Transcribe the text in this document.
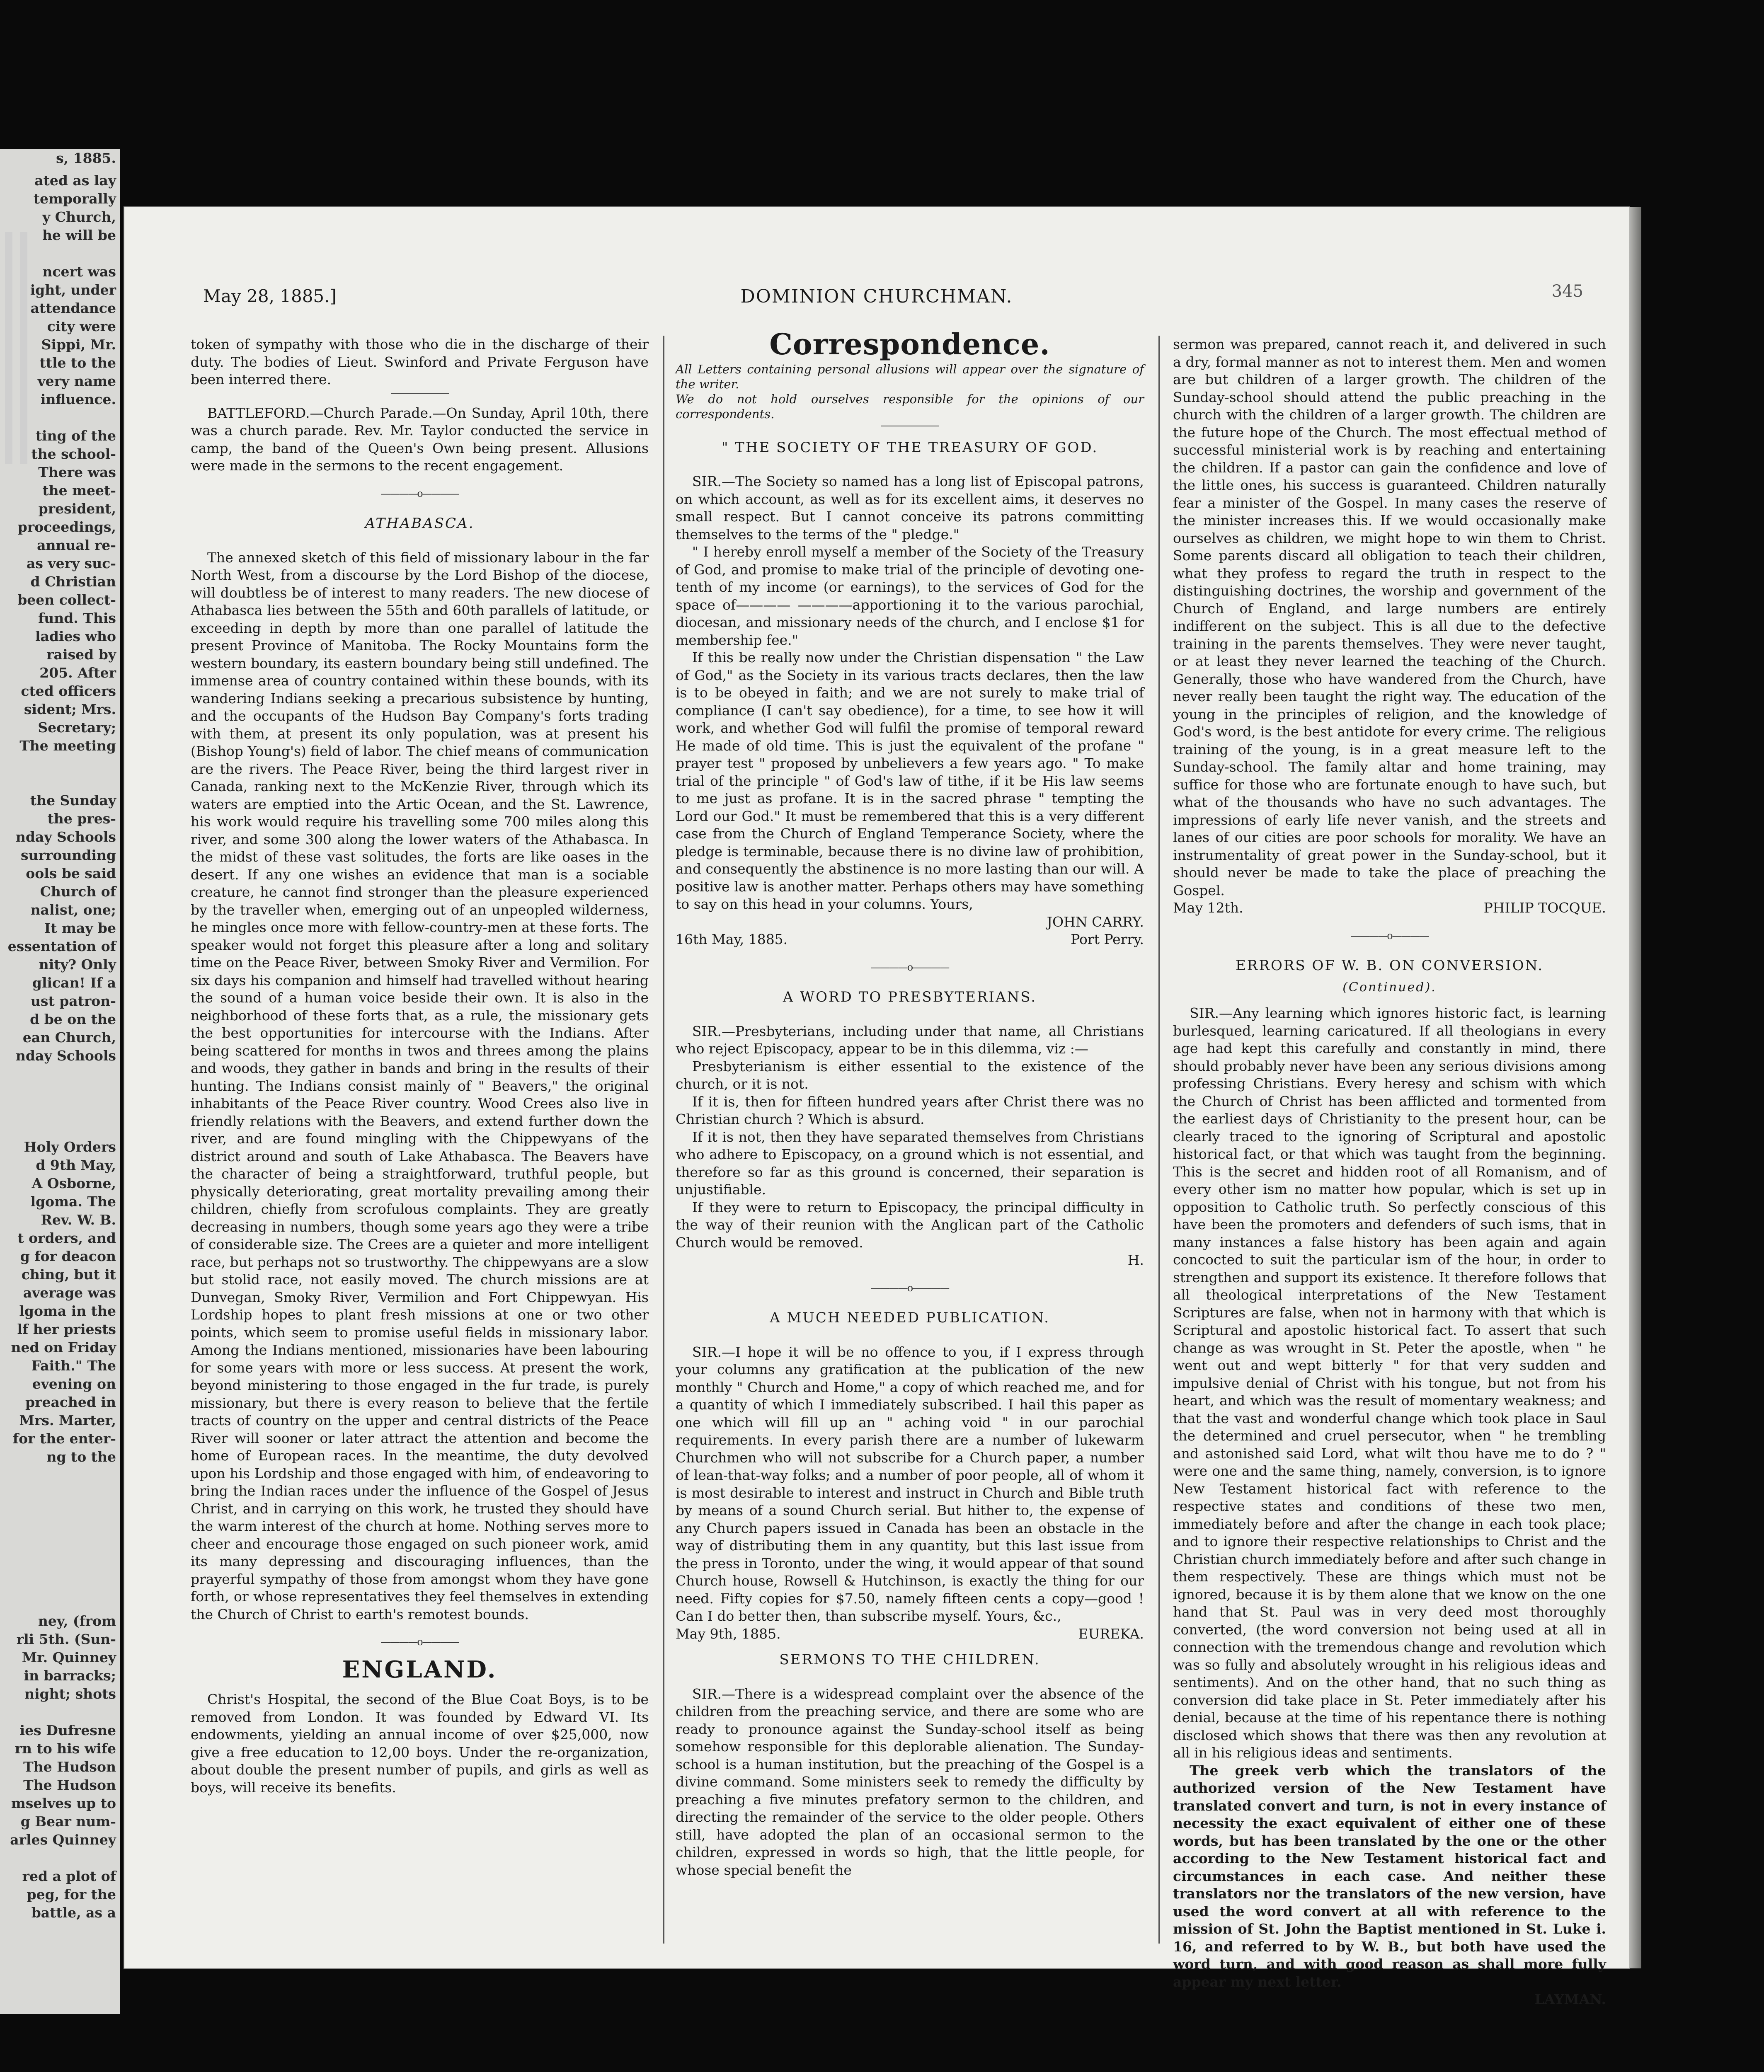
s, 1885.
ated as lay
temporally
y Church,
he will be
ncert was
ight, under
attendance
city were
Sippi, Mr.
ttle to the
very name
influence.
ting of the
the school-
There was
the meet-
president,
proceedings,
annual re-
as very suc-
d Christian
been collect-
fund. This
ladies who
raised by
205. After
cted officers
sident; Mrs.
Secretary;
The meeting
the Sunday
the pres-
nday Schools
surrounding
ools be said
Church of
nalist, one;
It may be
essentation of
nity? Only
glican! If a
ust patron-
d be on the
ean Church,
nday Schools
Holy Orders
d 9th May,
A Osborne,
lgoma. The
Rev. W. B.
t orders, and
g for deacon
ching, but it
average was
lgoma in the
lf her priests
ned on Friday
Faith." The
evening on
preached in
Mrs. Marter,
for the enter-
ng to the
ney, (from
rli 5th. (Sun-
Mr. Quinney
in barracks;
night; shots
ies Dufresne
rn to his wife
The Hudson
The Hudson
mselves up to
g Bear num-
arles Quinney
red a plot of
peg, for the
battle, as a
DOMINION CHURCHMAN.
May 28, 1885.]	345

token of sympathy with those who die in the discharge of their duty. The bodies of Lieut. Swinford and Private Ferguson have been interred there.

BATTLEFORD.—Church Parade.—On Sunday, April 10th, there was a church parade. Rev. Mr. Taylor conducted the service in camp, the band of the Queen's Own being present. Allusions were made in the sermons to the recent engagement.

————o————
ATHABASCA.

The annexed sketch of this field of missionary labour in the far North West, from a discourse by the Lord Bishop of the diocese, will doubtless be of interest to many readers. The new diocese of Athabasca lies between the 55th and 60th parallels of latitude, or exceeding in depth by more than one parallel of latitude the present Province of Manitoba. The Rocky Mountains form the western boundary, its eastern boundary being still undefined. The immense area of country contained within these bounds, with its wandering Indians seeking a precarious subsistence by hunting, and the occupants of the Hudson Bay Company's forts trading with them, at present its only population, was at present his (Bishop Young's) field of labor. The chief means of communication are the rivers. The Peace River, being the third largest river in Canada, ranking next to the McKenzie River, through which its waters are emptied into the Artic Ocean, and the St. Lawrence, his work would require his travelling some 700 miles along this river, and some 300 along the lower waters of the Athabasca. In the midst of these vast solitudes, the forts are like oases in the desert. If any one wishes an evidence that man is a sociable creature, he cannot find stronger than the pleasure experienced by the traveller when, emerging out of an unpeopled wilderness, he mingles once more with fellow-country-men at these forts. The speaker would not forget this pleasure after a long and solitary time on the Peace River, between Smoky River and Vermilion. For six days his companion and himself had travelled without hearing the sound of a human voice beside their own. It is also in the neighborhood of these forts that, as a rule, the missionary gets the best opportunities for intercourse with the Indians. After being scattered for months in twos and threes among the plains and woods, they gather in bands and bring in the results of their hunting. The Indians consist mainly of " Beavers," the original inhabitants of the Peace River country. Wood Crees also live in friendly relations with the Beavers, and extend further down the river, and are found mingling with the Chippewyans of the district around and south of Lake Athabasca. The Beavers have the character of being a straightforward, truthful people, but physically deteriorating, great mortality prevailing among their children, chiefly from scrofulous complaints. They are greatly decreasing in numbers, though some years ago they were a tribe of considerable size. The Crees are a quieter and more intelligent race, but perhaps not so trustworthy. The chippewyans are a slow but stolid race, not easily moved. The church missions are at Dunvegan, Smoky River, Vermilion and Fort Chippewyan. His Lordship hopes to plant fresh missions at one or two other points, which seem to promise useful fields in missionary labor. Among the Indians mentioned, missionaries have been labouring for some years with more or less success. At present the work, beyond ministering to those engaged in the fur trade, is purely missionary, but there is every reason to believe that the fertile tracts of country on the upper and central districts of the Peace River will sooner or later attract the attention and become the home of European races. In the meantime, the duty devolved upon his Lordship and those engaged with him, of endeavoring to bring the Indian races under the influence of the Gospel of Jesus Christ, and in carrying on this work, he trusted they should have the warm interest of the church at home. Nothing serves more to cheer and encourage those engaged on such pioneer work, amid its many depressing and discouraging influences, than the prayerful sympathy of those from amongst whom they have gone forth, or whose representatives they feel themselves in extending the Church of Christ to earth's remotest bounds.

————o————
ENGLAND.

Christ's Hospital, the second of the Blue Coat Boys, is to be removed from London. It was founded by Edward VI. Its endowments, yielding an annual income of over $25,000, now give a free education to 12,00 boys. Under the re-organization, about double the present number of pupils, and girls as well as boys, will receive its benefits.

Correspondence.

All Letters containing personal allusions will appear over the signature of the writer.

We do not hold ourselves responsible for the opinions of our correspondents.

" THE SOCIETY OF THE TREASURY OF GOD.

SIR.—The Society so named has a long list of Episcopal patrons, on which account, as well as for its excellent aims, it deserves no small respect. But I cannot conceive its patrons committing themselves to the terms of the " pledge."

" I hereby enroll myself a member of the Society of the Treasury of God, and promise to make trial of the principle of devoting one-tenth of my income (or earnings), to the services of God for the space of———— ————apportioning it to the various parochial, diocesan, and missionary needs of the church, and I enclose $1 for membership fee."

If this be really now under the Christian dispensation " the Law of God," as the Society in its various tracts declares, then the law is to be obeyed in faith; and we are not surely to make trial of compliance (I can't say obedience), for a time, to see how it will work, and whether God will fulfil the promise of temporal reward He made of old time. This is just the equivalent of the profane " prayer test " proposed by unbelievers a few years ago. " To make trial of the principle " of God's law of tithe, if it be His law seems to me just as profane. It is in the sacred phrase " tempting the Lord our God." It must be remembered that this is a very different case from the Church of England Temperance Society, where the pledge is terminable, because there is no divine law of prohibition, and consequently the abstinence is no more lasting than our will. A positive law is another matter. Perhaps others may have something to say on this head in your columns. Yours,

JOHN CARRY.

16th May, 1885.	Port Perry.
————o————
A WORD TO PRESBYTERIANS.

SIR.—Presbyterians, including under that name, all Christians who reject Episcopacy, appear to be in this dilemma, viz :—

Presbyterianism is either essential to the existence of the church, or it is not.

If it is, then for fifteen hundred years after Christ there was no Christian church ? Which is absurd.

If it is not, then they have separated themselves from Christians who adhere to Episcopacy, on a ground which is not essential, and therefore so far as this ground is concerned, their separation is unjustifiable.

If they were to return to Episcopacy, the principal difficulty in the way of their reunion with the Anglican part of the Catholic Church would be removed.

H.

————o————
A MUCH NEEDED PUBLICATION.

SIR.—I hope it will be no offence to you, if I express through your columns any gratification at the publication of the new monthly " Church and Home," a copy of which reached me, and for a quantity of which I immediately subscribed. I hail this paper as one which will fill up an " aching void " in our parochial requirements. In every parish there are a number of lukewarm Churchmen who will not subscribe for a Church paper, a number of lean-that-way folks; and a number of poor people, all of whom it is most desirable to interest and instruct in Church and Bible truth by means of a sound Church serial. But hither to, the expense of any Church papers issued in Canada has been an obstacle in the way of distributing them in any quantity, but this last issue from the press in Toronto, under the wing, it would appear of that sound Church house, Rowsell & Hutchinson, is exactly the thing for our need. Fifty copies for $7.50, namely fifteen cents a copy—good ! Can I do better then, than subscribe myself. Yours, &c.,

May 9th, 1885.	EUREKA.
SERMONS TO THE CHILDREN.

SIR.—There is a widespread complaint over the absence of the children from the preaching service, and there are some who are ready to pronounce against the Sunday-school itself as being somehow responsible for this deplorable alienation. The Sunday-school is a human institution, but the preaching of the Gospel is a divine command. Some ministers seek to remedy the difficulty by preaching a five minutes prefatory sermon to the children, and directing the remainder of the service to the older people. Others still, have adopted the plan of an occasional sermon to the children, expressed in words so high, that the little people, for whose special benefit the

sermon was prepared, cannot reach it, and delivered in such a dry, formal manner as not to interest them. Men and women are but children of a larger growth. The children of the Sunday-school should attend the public preaching in the church with the children of a larger growth. The children are the future hope of the Church. The most effectual method of successful ministerial work is by reaching and entertaining the children. If a pastor can gain the confidence and love of the little ones, his success is guaranteed. Children naturally fear a minister of the Gospel. In many cases the reserve of the minister increases this. If we would occasionally make ourselves as children, we might hope to win them to Christ. Some parents discard all obligation to teach their children, what they profess to regard the truth in respect to the distinguishing doctrines, the worship and government of the Church of England, and large numbers are entirely indifferent on the subject. This is all due to the defective training in the parents themselves. They were never taught, or at least they never learned the teaching of the Church. Generally, those who have wandered from the Church, have never really been taught the right way. The education of the young in the principles of religion, and the knowledge of God's word, is the best antidote for every crime. The religious training of the young, is in a great measure left to the Sunday-school. The family altar and home training, may suffice for those who are fortunate enough to have such, but what of the thousands who have no such advantages. The impressions of early life never vanish, and the streets and lanes of our cities are poor schools for morality. We have an instrumentality of great power in the Sunday-school, but it should never be made to take the place of preaching the Gospel.

May 12th.	PHILIP TOCQUE.
————o————
ERRORS OF W. B. ON CONVERSION.
(Continued).

SIR.—Any learning which ignores historic fact, is learning burlesqued, learning caricatured. If all theologians in every age had kept this carefully and constantly in mind, there should probably never have been any serious divisions among professing Christians. Every heresy and schism with which the Church of Christ has been afflicted and tormented from the earliest days of Christianity to the present hour, can be clearly traced to the ignoring of Scriptural and apostolic historical fact, or that which was taught from the beginning. This is the secret and hidden root of all Romanism, and of every other ism no matter how popular, which is set up in opposition to Catholic truth. So perfectly conscious of this have been the promoters and defenders of such isms, that in many instances a false history has been again and again concocted to suit the particular ism of the hour, in order to strengthen and support its existence. It therefore follows that all theological interpretations of the New Testament Scriptures are false, when not in harmony with that which is Scriptural and apostolic historical fact. To assert that such change as was wrought in St. Peter the apostle, when " he went out and wept bitterly " for that very sudden and impulsive denial of Christ with his tongue, but not from his heart, and which was the result of momentary weakness; and that the vast and wonderful change which took place in Saul the determined and cruel persecutor, when " he trembling and astonished said Lord, what wilt thou have me to do ? " were one and the same thing, namely, conversion, is to ignore New Testament historical fact with reference to the respective states and conditions of these two men, immediately before and after the change in each took place; and to ignore their respective relationships to Christ and the Christian church immediately before and after such change in them respectively. These are things which must not be ignored, because it is by them alone that we know on the one hand that St. Paul was in very deed most thoroughly converted, (the word conversion not being used at all in connection with the tremendous change and revolution which was so fully and absolutely wrought in his religious ideas and sentiments). And on the other hand, that no such thing as conversion did take place in St. Peter immediately after his denial, because at the time of his repentance there is nothing disclosed which shows that there was then any revolution at all in his religious ideas and sentiments.

The greek verb which the translators of the authorized version of the New Testament have translated convert and turn, is not in every instance of necessity the exact equivalent of either one of these words, but has been translated by the one or the other according to the New Testament historical fact and circumstances in each case. And neither these translators nor the translators of the new version, have used the word convert at all with reference to the mission of St. John the Baptist mentioned in St. Luke i. 16, and referred to by W. B., but both have used the word turn, and with good reason as shall more fully appear my next letter.

LAYMAN.
